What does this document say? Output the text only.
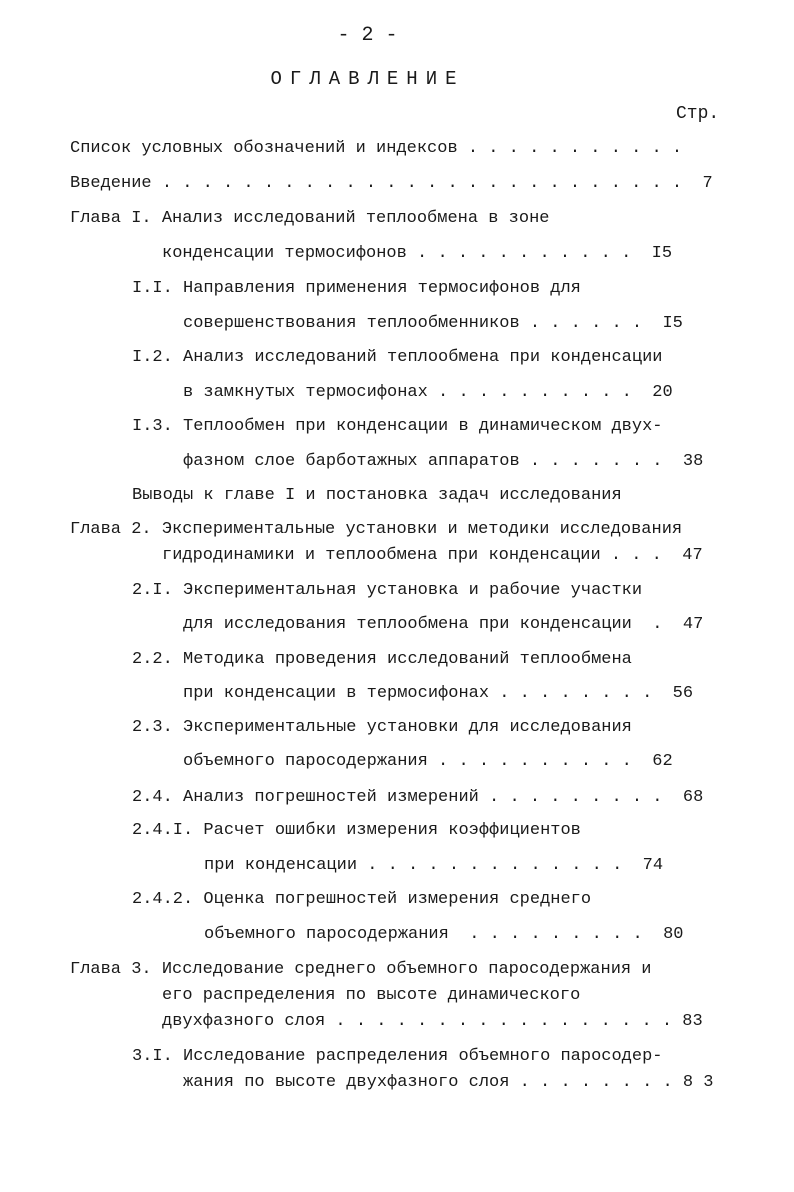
- 2 -
ОГЛАВЛЕНИЕ
Стр.
Список условных обозначений и индексов . . . . . . . . . . .
Введение . . . . . . . . . . . . . . . . . . . . . . . . . .  7
Глава I. Анализ исследований теплообмена в зоне
конденсации термосифонов . . . . . . . . . . .  I5
I.I. Направления применения термосифонов для
совершенствования теплообменников . . . . . .  I5
I.2. Анализ исследований теплообмена при конденсации
в замкнутых термосифонах . . . . . . . . . .  20
I.3. Теплообмен при конденсации в динамическом двух-
фазном слое барботажных аппаратов . . . . . . .  38
Выводы к главе I и постановка задач исследования
Глава 2. Экспериментальные установки и методики исследования
гидродинамики и теплообмена при конденсации . . .  47
2.I. Экспериментальная установка и рабочие участки
для исследования теплообмена при конденсации  .  47
2.2. Методика проведения исследований теплообмена
при конденсации в термосифонах . . . . . . . .  56
2.3. Экспериментальные установки для исследования
объемного паросодержания . . . . . . . . . .  62
2.4. Анализ погрешностей измерений . . . . . . . . .  68
2.4.I. Расчет ошибки измерения коэффициентов
при конденсации . . . . . . . . . . . . .  74
2.4.2. Оценка погрешностей измерения среднего
объемного паросодержания  . . . . . . . . .  80
Глава 3. Исследование среднего объемного паросодержания и
его распределения по высоте динамического
двухфазного слоя . . . . . . . . . . . . . . . . . 83
3.I. Исследование распределения объемного паросодер-
жания по высоте двухфазного слоя . . . . . . . . 8 3
